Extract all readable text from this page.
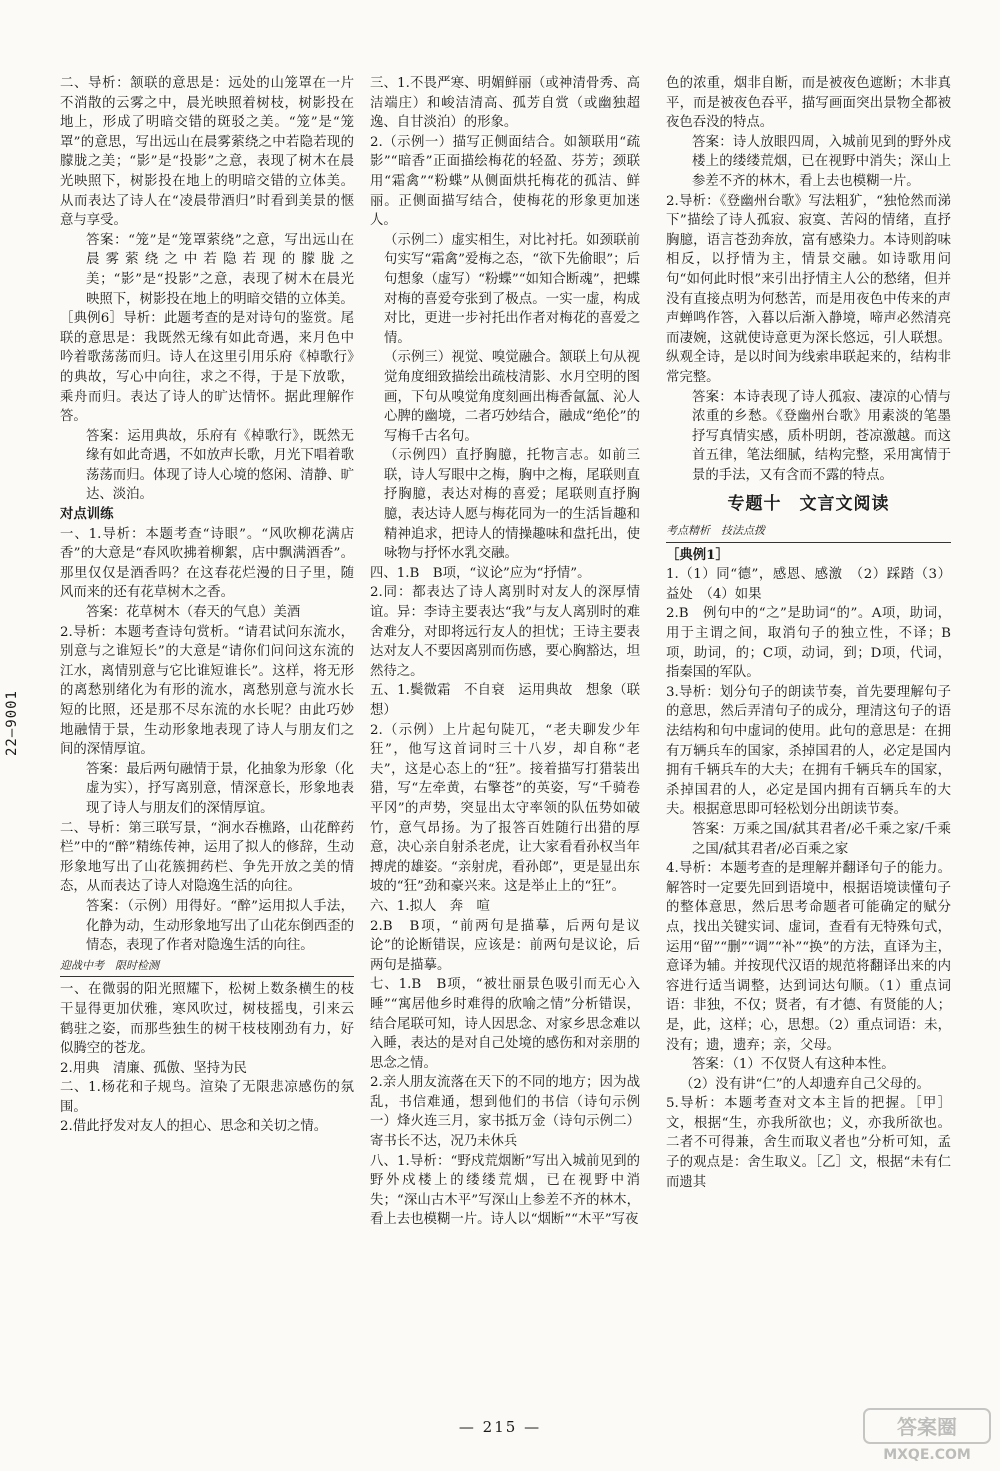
22—9001

二、导析：颔联的意思是：远处的山笼罩在一片不消散的云雾之中，晨光映照着树枝，树影投在地上，形成了明暗交错的斑驳之美。“笼”是“笼罩”的意思，写出远山在晨雾萦绕之中若隐若现的朦胧之美；“影”是“投影”之意，表现了树木在晨光映照下，树影投在地上的明暗交错的立体美。从而表达了诗人在“凌晨带酒归”时看到美景的惬意与享受。

答案：“笼”是“笼罩萦绕”之意，写出远山在晨雾萦绕之中若隐若现的朦胧之美；“影”是“投影”之意，表现了树木在晨光映照下，树影投在地上的明暗交错的立体美。

［典例6］导析：此题考查的是对诗句的鉴赏。尾联的意思是：我既然无缘有如此奇遇，来月色中吟着歌荡荡而归。诗人在这里引用乐府《棹歌行》的典故，写心中向往，求之不得，于是下放歌，乘舟而归。表达了诗人的旷达情怀。据此理解作答。

答案：运用典故，乐府有《棹歌行》，既然无缘有如此奇遇，不如放声长歌，月光下唱着歌荡荡而归。体现了诗人心境的悠闲、清静、旷达、淡泊。

对点训练

一、1.导析：本题考查“诗眼”。“风吹柳花满店香”的大意是“春风吹拂着柳絮，店中飘满酒香”。那里仅仅是酒香吗？在这春花烂漫的日子里，随风而来的还有花草树木之香。

答案：花草树木（春天的气息）美酒

2.导析：本题考查诗句赏析。“请君试问东流水，别意与之谁短长”的大意是“请你们问问这东流的江水，离情别意与它比谁短谁长”。这样，将无形的离愁别绪化为有形的流水，离愁别意与流水长短的比照，还是那不尽东流的水长呢？由此巧妙地融情于景，生动形象地表现了诗人与朋友们之间的深情厚谊。

答案：最后两句融情于景，化抽象为形象（化虚为实），抒写离别意，情深意长，形象地表现了诗人与朋友们的深情厚谊。

二、导析：第三联写景，“涧水吞樵路，山花醉药栏”中的“醉”精练传神，运用了拟人的修辞，生动形象地写出了山花簇拥药栏、争先开放之美的情态，从而表达了诗人对隐逸生活的向往。

答案：（示例）用得好。“醉”运用拟人手法，化静为动，生动形象地写出了山花东倒西歪的情态，表现了作者对隐逸生活的向往。

迎战中考　限时检测

一、在微弱的阳光照耀下，松树上数条横生的枝干显得更加伏雅，寒风吹过，树枝摇曳，引来云鹤驻之姿，而那些独生的树干枝枝刚劲有力，好似腾空的苍龙。

2.用典　清廉、孤傲、坚持为民

二、1.杨花和子规鸟。渲染了无限悲凉感伤的氛围。

2.借此抒发对友人的担心、思念和关切之情。

三、1.不畏严寒、明媚鲜丽（或神清骨秀、高洁端庄）和峻洁清高、孤芳自赏（或幽独超逸、自甘淡泊）的形象。

2.（示例一）描写正侧面结合。如颔联用“疏影”“暗香”正面描绘梅花的轻盈、芬芳；颈联用“霜禽”“粉蝶”从侧面烘托梅花的孤洁、鲜丽。正侧面描写结合，使梅花的形象更加迷人。

（示例二）虚实相生，对比衬托。如颈联前句实写“霜禽”爱梅之态，“欲下先偷眼”；后句想象（虚写）“粉蝶”“如知合断魂”，把蝶对梅的喜爱夸张到了极点。一实一虚，构成对比，更进一步衬托出作者对梅花的喜爱之情。

（示例三）视觉、嗅觉融合。颔联上句从视觉角度细致描绘出疏枝清影、水月空明的图画，下句从嗅觉角度刻画出梅香氤氲、沁人心脾的幽境，二者巧妙结合，融成“绝伦”的写梅千古名句。

（示例四）直抒胸臆，托物言志。如前三联，诗人写眼中之梅，胸中之梅，尾联则直抒胸臆，表达对梅的喜爱；尾联则直抒胸臆，表达诗人愿与梅花同为一的生活旨趣和精神追求，把诗人的情操趣味和盘托出，使咏物与抒怀水乳交融。

四、1.B　B项，“议论”应为“抒情”。

2.同：都表达了诗人离别时对友人的深厚情谊。异：李诗主要表达“我”与友人离别时的难舍难分，对即将远行友人的担忧；王诗主要表达对友人不要因离别而伤感，要心胸豁达，坦然待之。

五、1.鬓微霜　不自衰　运用典故　想象（联想）

2.（示例）上片起句陡兀，“老夫聊发少年狂”，他写这首词时三十八岁，却自称“老夫”，这是心态上的“狂”。接着描写打猎装出猎，写“左牵黄，右擎苍”的英姿，写“千骑卷平冈”的声势，突显出太守率领的队伍势如破竹，意气昂扬。为了报答百姓随行出猎的厚意，决心亲自射杀老虎，让大家看看孙权当年搏虎的雄姿。“亲射虎，看孙郎”，更是显出东坡的“狂”劲和豪兴来。这是举止上的“狂”。

六、1.拟人　奔　喧

2.B　B项，“前两句是描摹，后两句是议论”的论断错误，应该是：前两句是议论，后两句是描摹。

七、1.B　B项，“被壮丽景色吸引而无心入睡”“寓居他乡时难得的欣喻之情”分析错误，结合尾联可知，诗人因思念、对家乡思念难以入睡，表达的是对自己处境的感伤和对亲朋的思念之情。

2.亲人朋友流落在天下的不同的地方；因为战乱，书信难通，想到他们的书信（诗句示例一）烽火连三月，家书抵万金（诗句示例二）寄书长不达，况乃未休兵

八、1.导析：“野戍荒烟断”写出入城前见到的野外戍楼上的缕缕荒烟，已在视野中消失；“深山古木平”写深山上参差不齐的林木，看上去也模糊一片。诗人以“烟断”“木平”写夜

色的浓重，烟非自断，而是被夜色遮断；木非真平，而是被夜色吞平，描写画面突出景物全都被夜色吞没的特点。

答案：诗人放眼四周，入城前见到的野外戍楼上的缕缕荒烟，已在视野中消失；深山上参差不齐的林木，看上去也模糊一片。

2.导析：《登幽州台歌》写法粗犷，“独怆然而涕下”描绘了诗人孤寂、寂寞、苦闷的情绪，直抒胸臆，语言苍劲奔放，富有感染力。本诗则韵味相反，以抒情为主，情景交融。如诗歌用问句“如何此时恨”来引出抒情主人公的愁绪，但并没有直接点明为何愁苦，而是用夜色中传来的声声蝉鸣作答，入暮以后渐入静境，啼声必然清亮而凄婉，这就使诗意更为深长悠远，引人联想。纵观全诗，是以时间为线索串联起来的，结构非常完整。

答案：本诗表现了诗人孤寂、凄凉的心情与浓重的乡愁。《登幽州台歌》用素淡的笔墨抒写真情实感，质朴明朗，苍凉激越。而这首五律，笔法细腻，结构完整，采用寓情于景的手法，又有含而不露的特点。

专题十　文言文阅读

考点精析　技法点拨

［典例1］

1.（1）同“德”，感恩、感激　（2）踩踏（3）益处　（4）如果

2.B　例句中的“之”是助词“的”。A项，助词，用于主谓之间，取消句子的独立性，不译；B项，助词，的；C项，动词，到；D项，代词，指秦国的军队。

3.导析：划分句子的朗读节奏，首先要理解句子的意思，然后弄清句子的成分，理清这句子的语法结构和句中虚词的使用。此句的意思是：在拥有万辆兵车的国家，杀掉国君的人，必定是国内拥有千辆兵车的大夫；在拥有千辆兵车的国家，杀掉国君的人，必定是国内拥有百辆兵车的大夫。根据意思即可轻松划分出朗读节奏。

答案：万乘之国/弑其君者/必千乘之家/千乘之国/弑其君者/必百乘之家

4.导析：本题考查的是理解并翻译句子的能力。解答时一定要先回到语境中，根据语境读懂句子的整体意思，然后思考命题者可能确定的赋分点，找出关键实词、虚词，查看有无特殊句式，运用“留”“删”“调”“补”“换”的方法，直译为主，意译为辅。并按现代汉语的规范将翻译出来的内容进行适当调整，达到词达句顺。（1）重点词语：非独，不仅；贤者，有才德、有贤能的人；是，此，这样；心，思想。（2）重点词语：未，没有；遗，遗弃；亲，父母。

答案：（1）不仅贤人有这种本性。

（2）没有讲“仁”的人却遗弃自己父母的。

5.导析：本题考查对文本主旨的把握。［甲］文，根据“生，亦我所欲也；义，亦我所欲也。二者不可得兼，舍生而取义者也”分析可知，孟子的观点是：舍生取义。［乙］文，根据“未有仁而遗其

— 215 —	答案圈
MXQE.COM
